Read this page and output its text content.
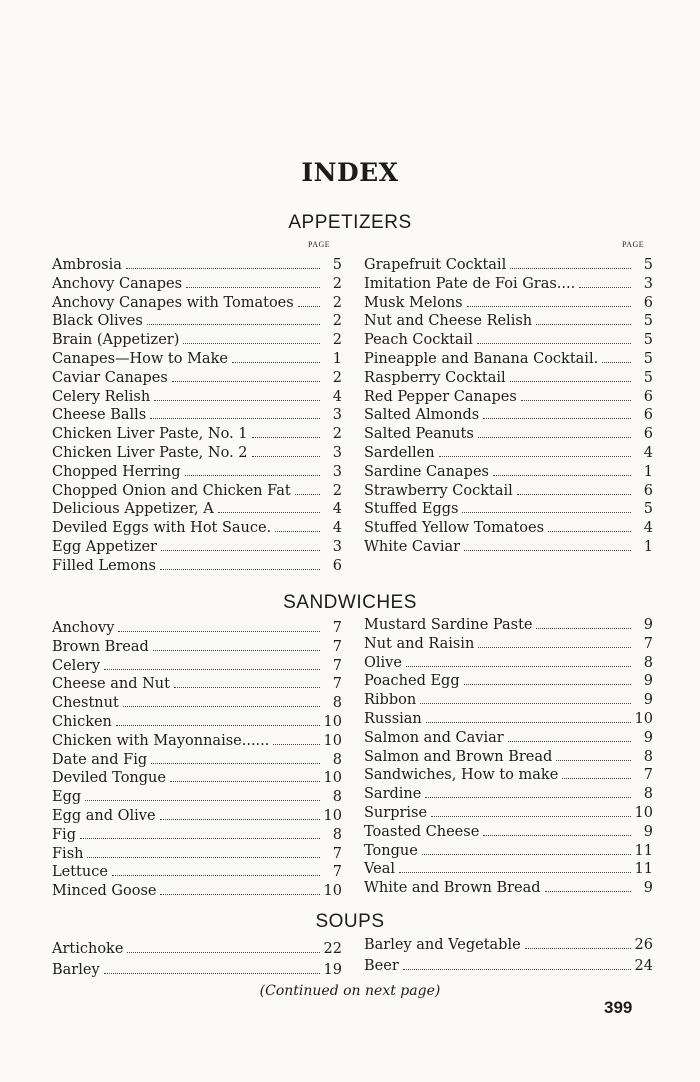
INDEX
APPETIZERS
PAGE	PAGE
Ambrosia	5
Anchovy Canapes	2
Anchovy Canapes with Tomatoes	2
Black Olives	2
Brain (Appetizer)	2
Canapes—How to Make	1
Caviar Canapes	2
Celery Relish	4
Cheese Balls	3
Chicken Liver Paste, No. 1	2
Chicken Liver Paste, No. 2	3
Chopped Herring	3
Chopped Onion and Chicken Fat	2
Delicious Appetizer, A	4
Deviled Eggs with Hot Sauce.	4
Egg Appetizer	3
Filled Lemons	6
Grapefruit Cocktail	5
Imitation Pate de Foi Gras....	3
Musk Melons	6
Nut and Cheese Relish	5
Peach Cocktail	5
Pineapple and Banana Cocktail.	5
Raspberry Cocktail	5
Red Pepper Canapes	6
Salted Almonds	6
Salted Peanuts	6
Sardellen	4
Sardine Canapes	1
Strawberry Cocktail	6
Stuffed Eggs	5
Stuffed Yellow Tomatoes	4
White Caviar	1
SANDWICHES
Anchovy	7
Brown Bread	7
Celery	7
Cheese and Nut	7
Chestnut	8
Chicken	10
Chicken with Mayonnaise......	10
Date and Fig	8
Deviled Tongue	10
Egg	8
Egg and Olive	10
Fig	8
Fish	7
Lettuce	7
Minced Goose	10
Mustard Sardine Paste	9
Nut and Raisin	7
Olive	8
Poached Egg	9
Ribbon	9
Russian	10
Salmon and Caviar	9
Salmon and Brown Bread	8
Sandwiches, How to make	7
Sardine	8
Surprise	10
Toasted Cheese	9
Tongue	11
Veal	11
White and Brown Bread	9
SOUPS
Artichoke	22
Barley	19
Barley and Vegetable	26
Beer	24
(Continued on next page)
399
